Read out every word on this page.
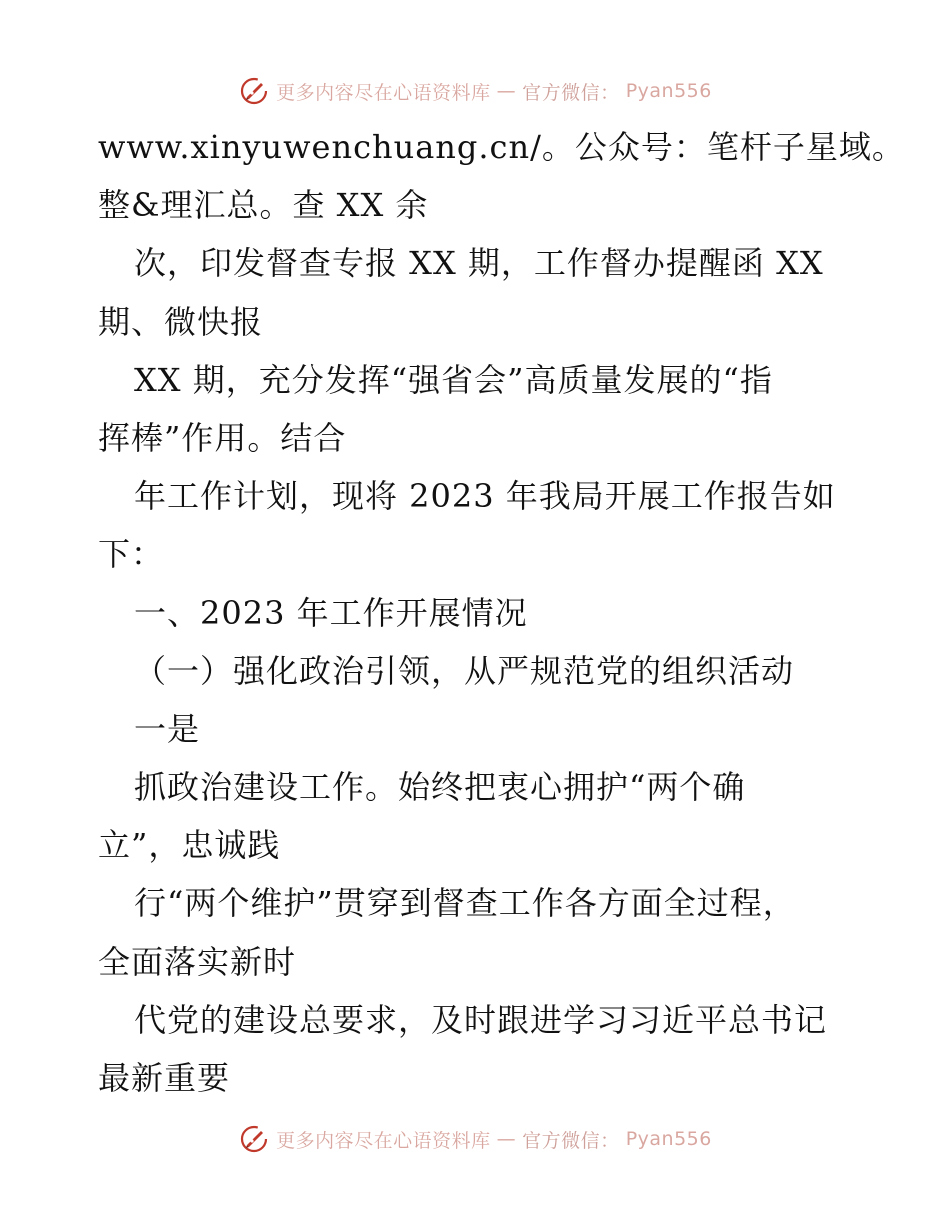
更多内容尽在心语资料库 — 官方微信： Pyan556
www.xinyuwenchuang.cn/。公众号：笔杆子星域。
整&理汇总。查 XX 余
次，印发督查专报 XX 期，工作督办提醒函 XX
期、微快报
XX 期，充分发挥“强省会”高质量发展的“指
挥棒”作用。结合
年工作计划，现将 2023 年我局开展工作报告如
下：
一、2023 年工作开展情况
（一）强化政治引领，从严规范党的组织活动
一是
抓政治建设工作。始终把衷心拥护“两个确
立”，忠诚践
行“两个维护”贯穿到督查工作各方面全过程，
全面落实新时
代党的建设总要求，及时跟进学习习近平总书记
最新重要
更多内容尽在心语资料库 — 官方微信： Pyan556
